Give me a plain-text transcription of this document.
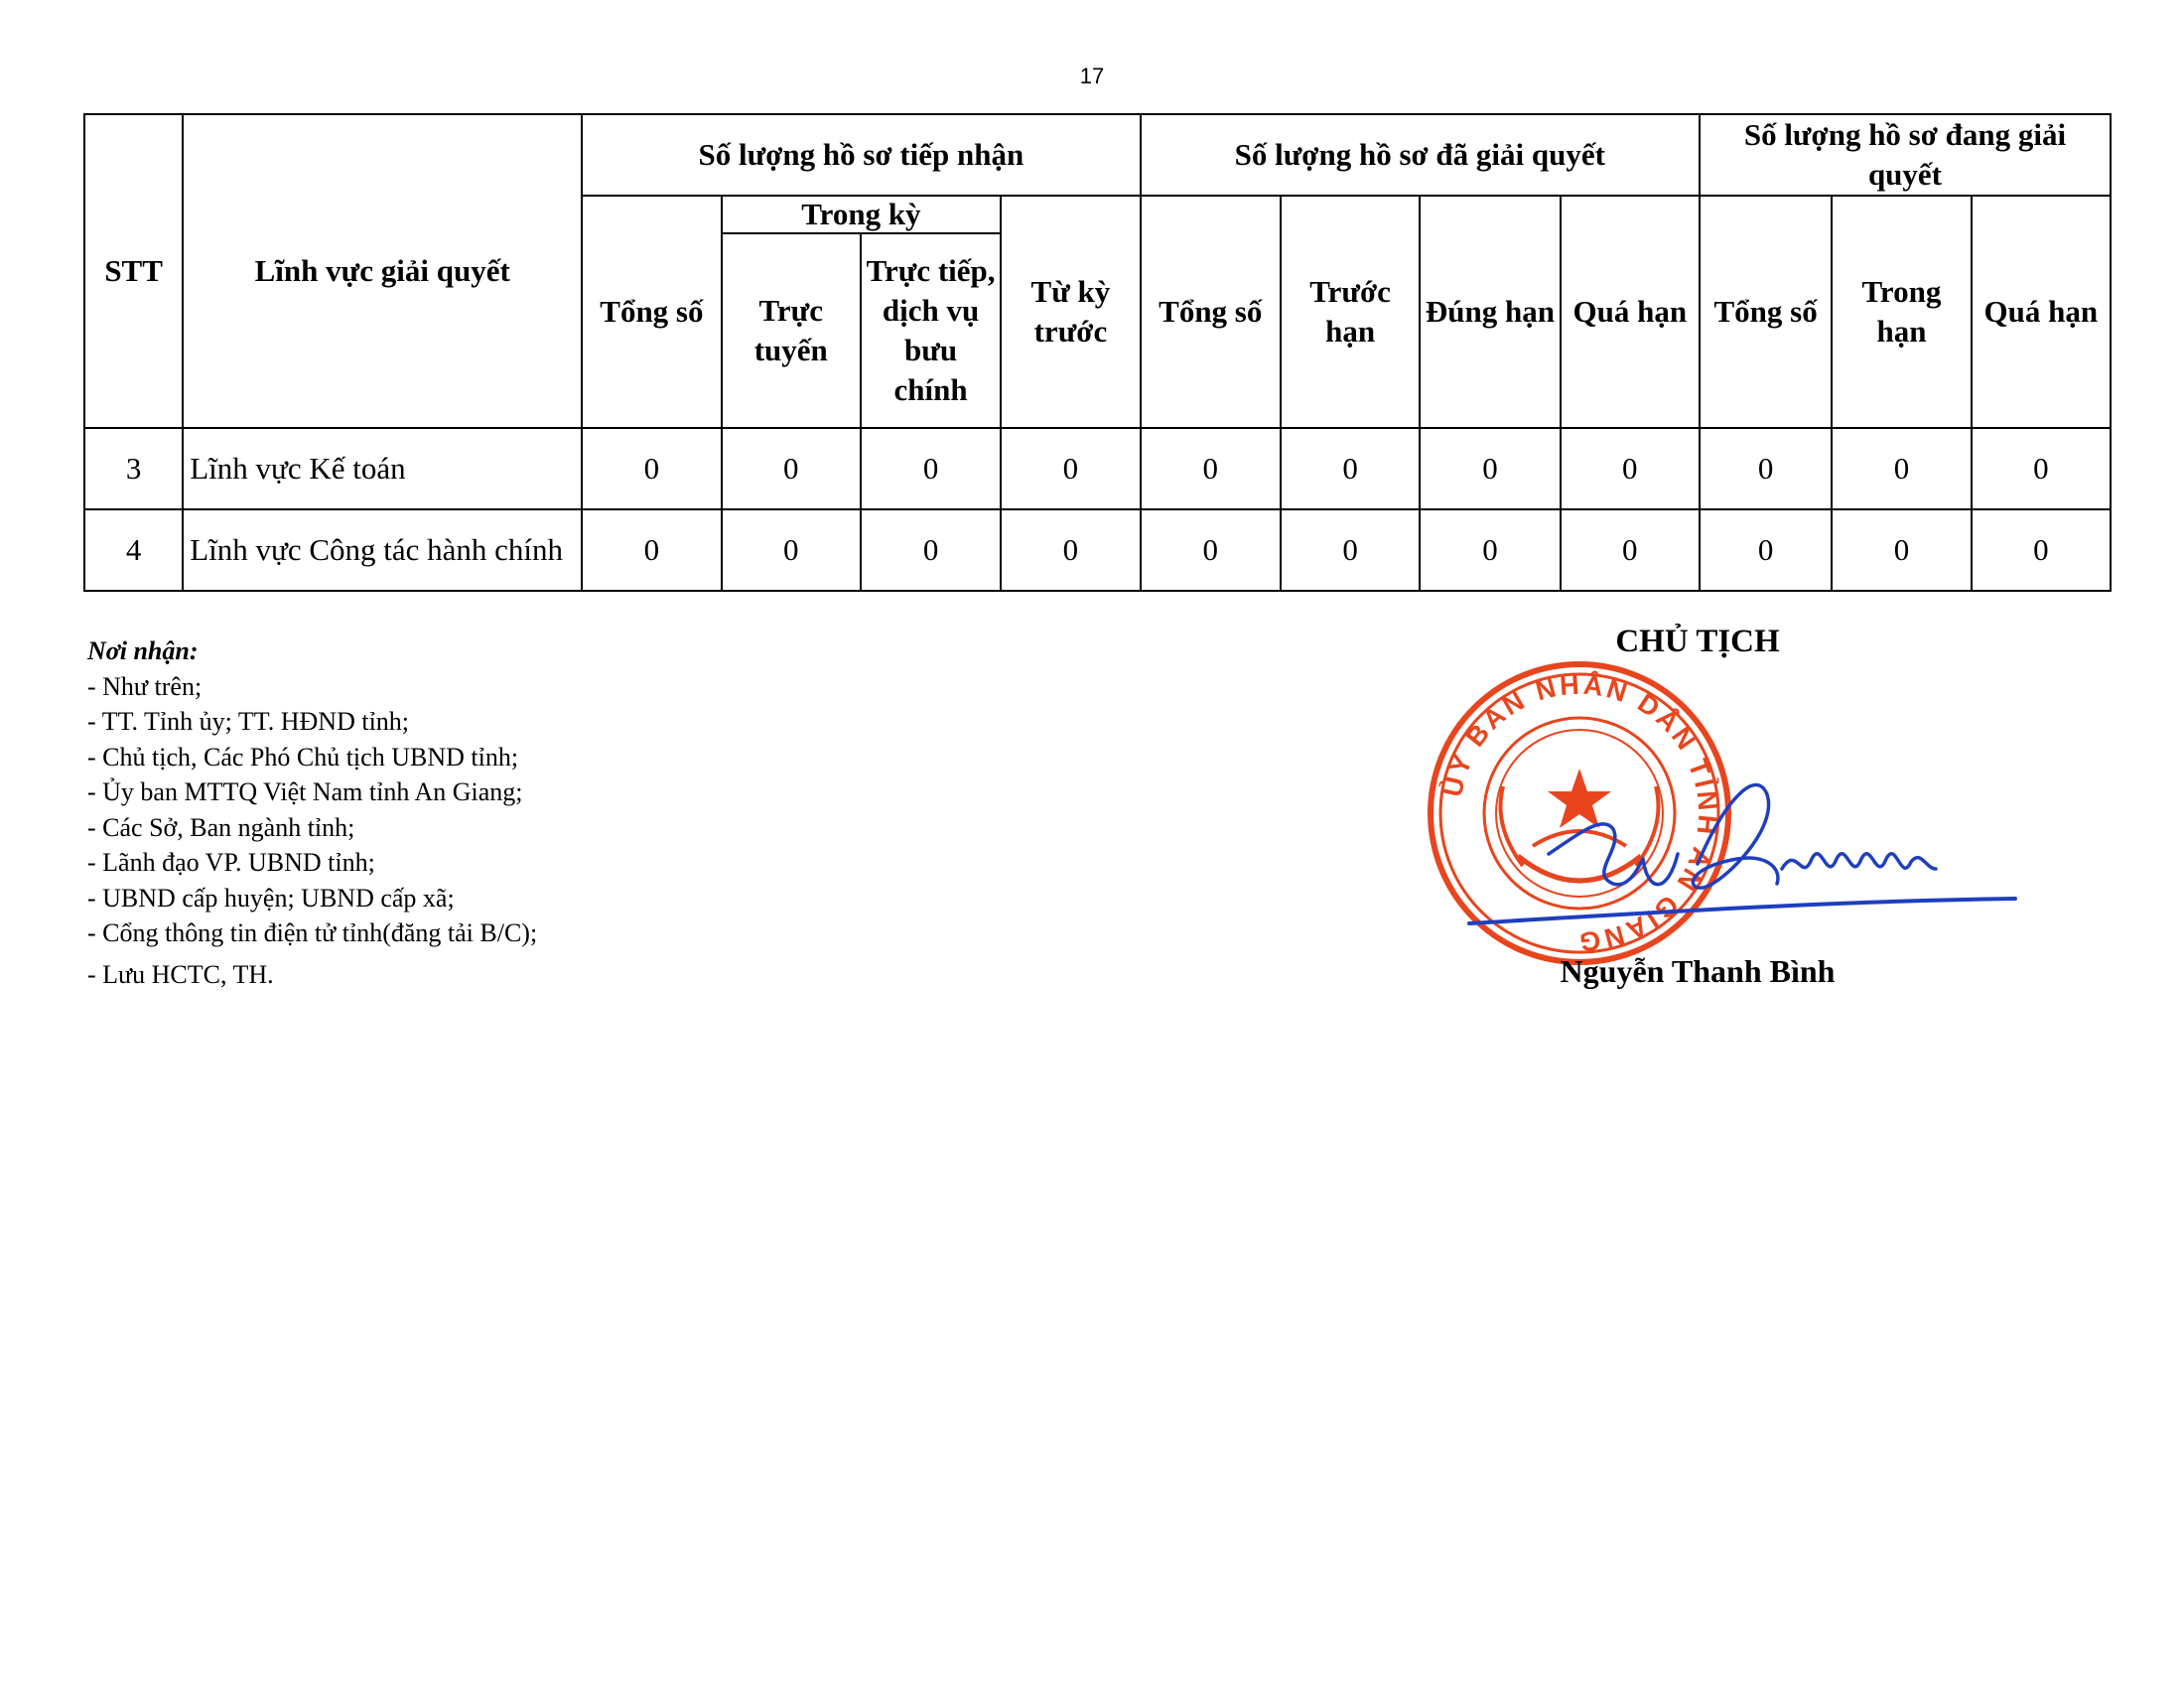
17
STT	Lĩnh vực giải quyết	Số lượng hồ sơ tiếp nhận				Số lượng hồ sơ đã giải quyết				Số lượng hồ sơ đang giải quyết		
		Tổng số	Trong kỳ		Từ kỳ trước	Tổng số	Trước hạn	Đúng hạn	Quá hạn	Tổng số	Trong hạn	Quá hạn
			Trực tuyến	Trực tiếp, dịch vụ bưu chính								
3	Lĩnh vực Kế toán	0	0	0	0	0	0	0	0	0	0	0
4	Lĩnh vực Công tác hành chính	0	0	0	0	0	0	0	0	0	0	0
Nơi nhận:
- Như trên;
- TT. Tỉnh ủy; TT. HĐND tỉnh;
- Chủ tịch, Các Phó Chủ tịch UBND tỉnh;
- Ủy ban MTTQ Việt Nam tỉnh An Giang;
- Các Sở, Ban ngành tỉnh;
- Lãnh đạo VP. UBND tỉnh;
- UBND cấp huyện; UBND cấp xã;
- Cổng thông tin điện tử tỉnh(đăng tải B/C);
- Lưu HCTC, TH.
CHỦ TỊCH
ỦY BAN NHÂN DÂN TỈNH AN GIANG
Nguyễn Thanh Bình
